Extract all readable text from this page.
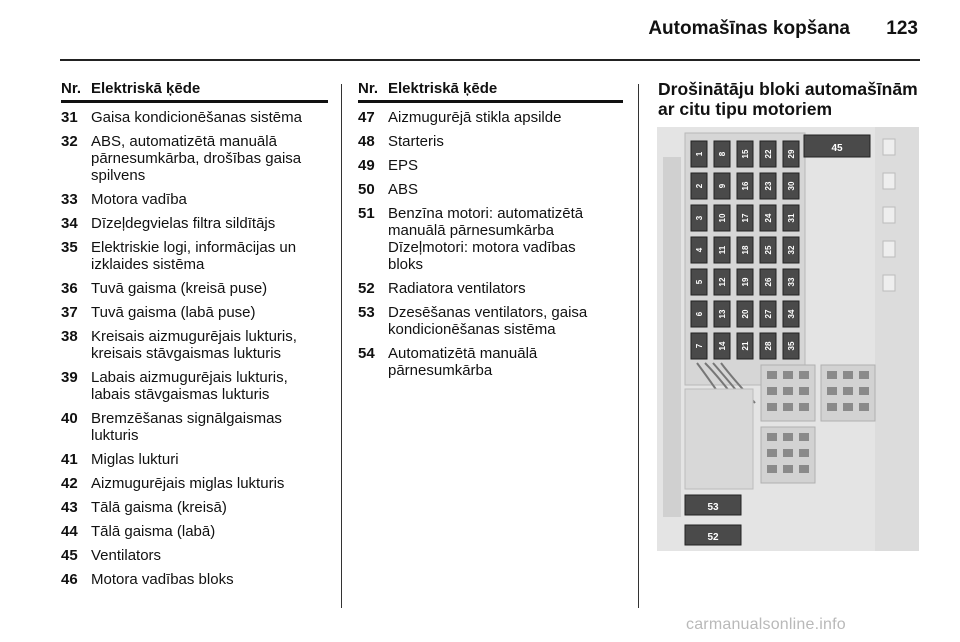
Automašīnas kopšana	123
Nr. Elektriskā ķēde
31 Gaisa kondicionēšanas sistēma
32 ABS, automatizētā manuālā
pārnesumkārba, drošības gaisa
spilvens
33 Motora vadība
34 Dīzeļdegvielas filtra sildītājs
35 Elektriskie logi, informācijas un
izklaides sistēma
36 Tuvā gaisma (kreisā puse)
37 Tuvā gaisma (labā puse)
38 Kreisais aizmugurējais lukturis,
kreisais stāvgaismas lukturis
39 Labais aizmugurējais lukturis,
labais stāvgaismas lukturis
40 Bremzēšanas signālgaismas
lukturis
41 Miglas lukturi
42 Aizmugurējais miglas lukturis
43 Tālā gaisma (kreisā)
44 Tālā gaisma (labā)
45 Ventilators
46 Motora vadības bloks
Nr. Elektriskā ķēde
47 Aizmugurējā stikla apsilde
48 Starteris
49 EPS
50 ABS
51 Benzīna motori: automatizētā
manuālā pārnesumkārba
Dīzeļmotori: motora vadības
bloks
52 Radiatora ventilators
53 Dzesēšanas ventilators, gaisa
kondicionēšanas sistēma
54 Automatizētā manuālā
pārnesumkārba
Drošinātāju bloki automašīnām
ar citu tipu motoriem
1
2
3
4
5
6
7
8
9
10
11
12
13
14
15
16
17
18
19
20
21
22
23
24
25
26
27
28
29
30
31
32
33
34
35
45
53
52
carmanualsonline.info
